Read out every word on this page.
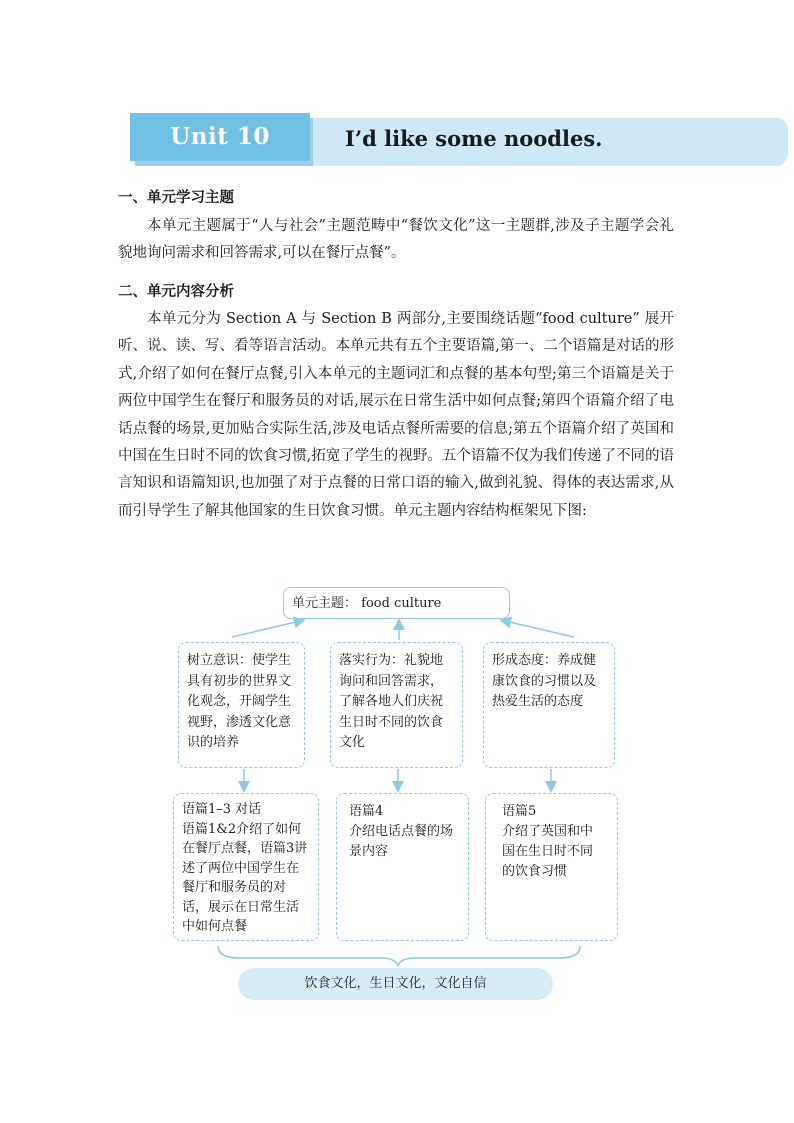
Unit 10	I’d like some noodles.
一、单元学习主题
本单元主题属于“人与社会”主题范畴中“餐饮文化”这一主题群,涉及子主题学会礼貌地询问需求和回答需求,可以在餐厅点餐”。
二、单元内容分析
本单元分为 Section A 与 Section B 两部分,主要围绕话题“food culture” 展开听、说、读、写、看等语言活动。本单元共有五个主要语篇,第一、二个语篇是对话的形式,介绍了如何在餐厅点餐,引入本单元的主题词汇和点餐的基本句型;第三个语篇是关于两位中国学生在餐厅和服务员的对话,展示在日常生活中如何点餐;第四个语篇介绍了电话点餐的场景,更加贴合实际生活,涉及电话点餐所需要的信息;第五个语篇介绍了英国和中国在生日时不同的饮食习惯,拓宽了学生的视野。五个语篇不仅为我们传递了不同的语言知识和语篇知识,也加强了对于点餐的日常口语的输入,做到礼貌、得体的表达需求,从而引导学生了解其他国家的生日饮食习惯。单元主题内容结构框架见下图:
单元主题： food culture
树立意识：使学生具有初步的世界文化观念，开阔学生视野，渗透文化意识的培养
落实行为：礼貌地询问和回答需求，了解各地人们庆祝生日时不同的饮食文化
形成态度：养成健康饮食的习惯以及热爱生活的态度
语篇1–3 对话
语篇1&2介绍了如何在餐厅点餐，语篇3讲述了两位中国学生在餐厅和服务员的对话，展示在日常生活中如何点餐
语篇4
介绍电话点餐的场景内容
语篇5
介绍了英国和中国在生日时不同的饮食习惯
饮食文化，生日文化，文化自信
